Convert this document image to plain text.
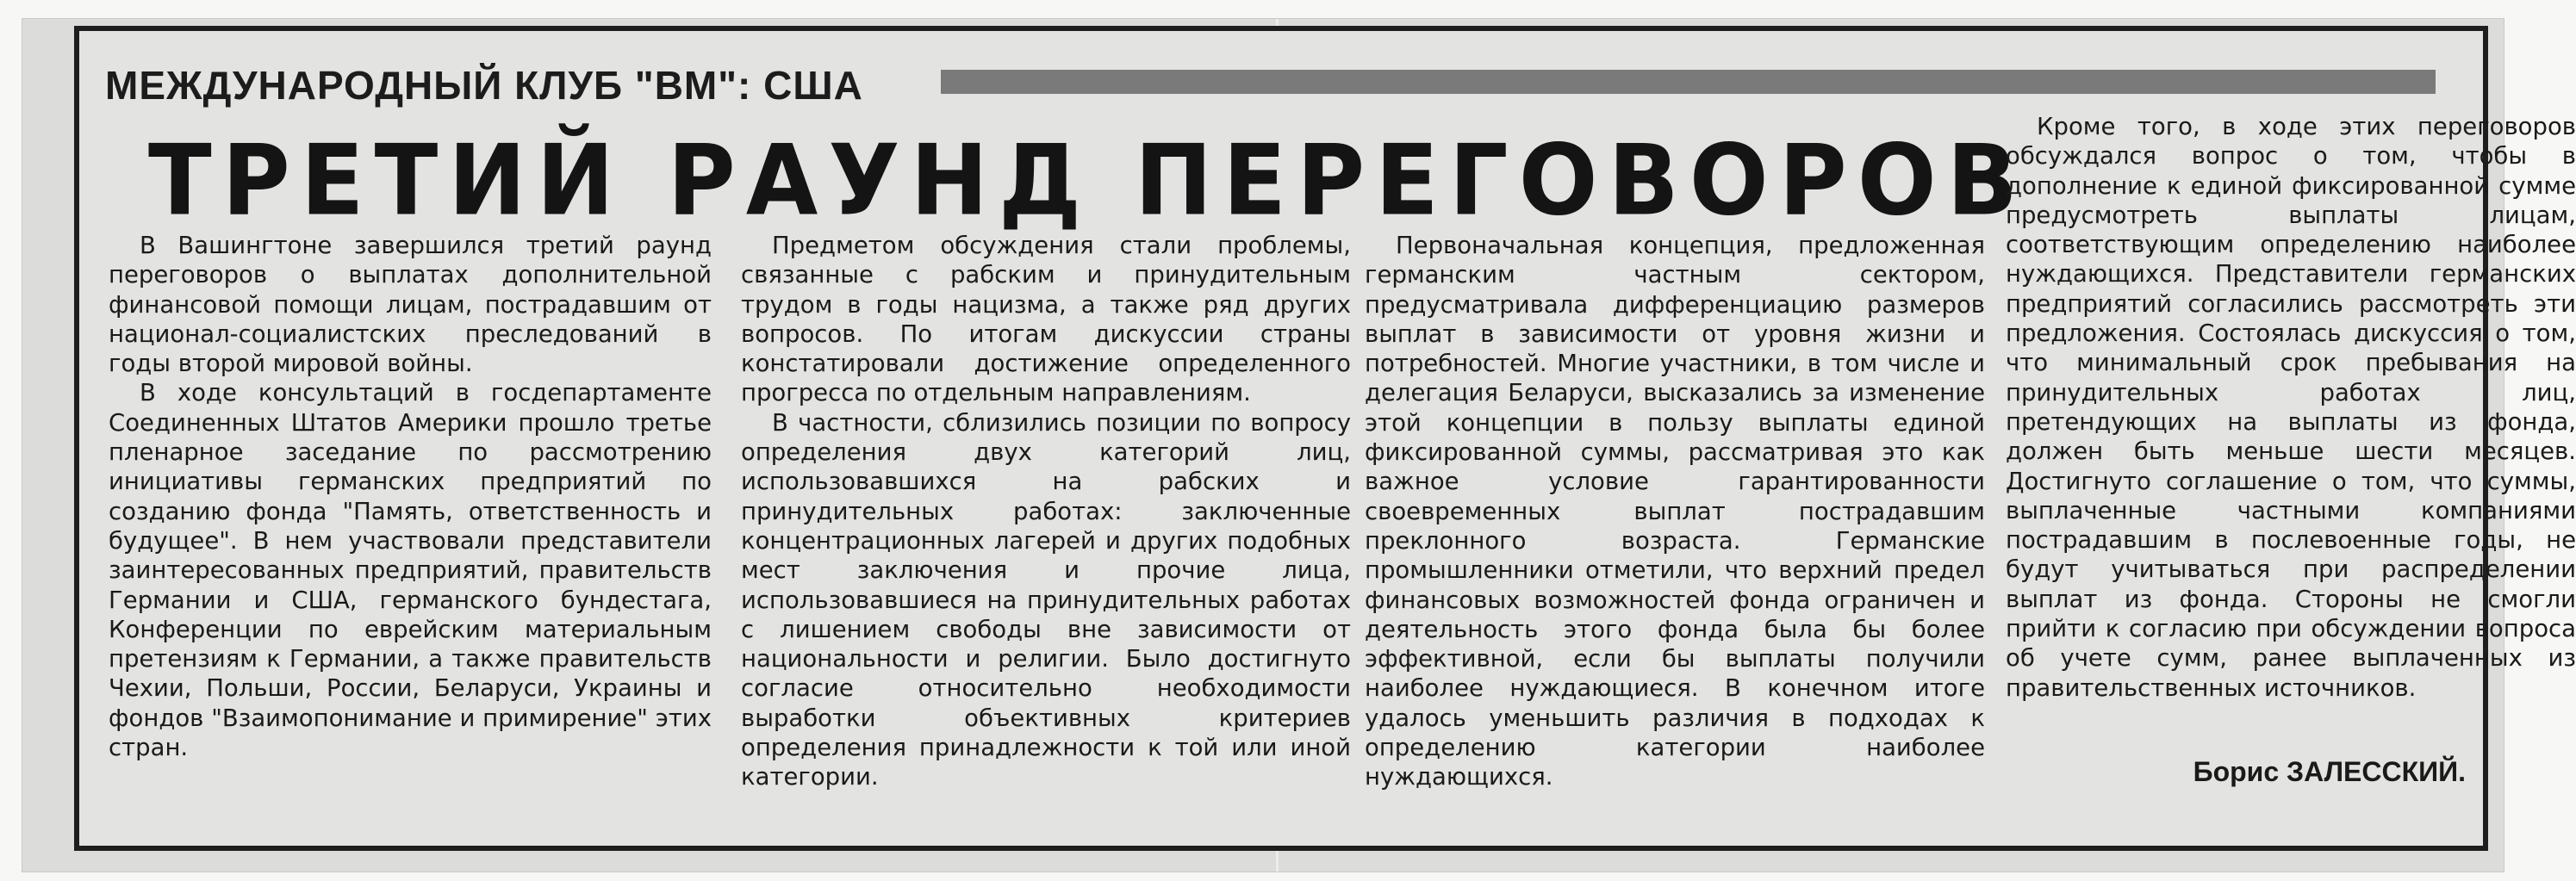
МЕЖДУНАРОДНЫЙ КЛУБ "ВМ": США
ТРЕТИЙ РАУНД ПЕРЕГОВОРОВ

В Вашингтоне завершился третий раунд переговоров о выплатах дополнительной финансовой помощи лицам, пострадавшим от национал-социалистских преследований в годы второй мировой войны.

В ходе консультаций в госдепартаменте Соединенных Штатов Америки прошло третье пленарное заседание по рассмотрению инициативы германских предприятий по созданию фонда "Память, ответственность и будущее". В нем участвовали представители заинтересованных предприятий, правительств Германии и США, германского бундестага, Конференции по еврейским материальным претензиям к Германии, а также правительств Чехии, Польши, России, Беларуси, Украины и фондов "Взаимопонимание и примирение" этих стран.

Предметом обсуждения стали проблемы, связанные с рабским и принудительным трудом в годы нацизма, а также ряд других вопросов. По итогам дискуссии страны констатировали достижение определенного прогресса по отдельным направлениям.

В частности, сблизились позиции по вопросу определения двух категорий лиц, использовавшихся на рабских и принудительных работах: заключенные концентрационных лагерей и других подобных мест заключения и прочие лица, использовавшиеся на принудительных работах с лишением свободы вне зависимости от национальности и религии. Было достигнуто согласие относительно необходимости выработки объективных критериев определения принадлежности к той или иной категории.

Первоначальная концепция, предложенная германским частным сектором, предусматривала дифференциацию размеров выплат в зависимости от уровня жизни и потребностей. Многие участники, в том числе и делегация Беларуси, высказались за изменение этой концепции в пользу выплаты единой фиксированной суммы, рассматривая это как важное условие гарантированности своевременных выплат пострадавшим преклонного возраста. Германские промышленники отметили, что верхний предел финансовых возможностей фонда ограничен и деятельность этого фонда была бы более эффективной, если бы выплаты получили наиболее нуждающиеся. В конечном итоге удалось уменьшить различия в подходах к определению категории наиболее нуждающихся.

Кроме того, в ходе этих переговоров обсуждался вопрос о том, чтобы в дополнение к единой фиксированной сумме предусмотреть выплаты лицам, соответствующим определению наиболее нуждающихся. Представители германских предприятий согласились рассмотреть эти предложения. Состоялась дискуссия о том, что минимальный срок пребывания на принудительных работах лиц, претендующих на выплаты из фонда, должен быть меньше шести месяцев. Достигнуто соглашение о том, что суммы, выплаченные частными компаниями пострадавшим в послевоенные годы, не будут учитываться при распределении выплат из фонда. Стороны не смогли прийти к согласию при обсуждении вопроса об учете сумм, ранее выплаченных из правительственных источников.

Борис ЗАЛЕССКИЙ.
